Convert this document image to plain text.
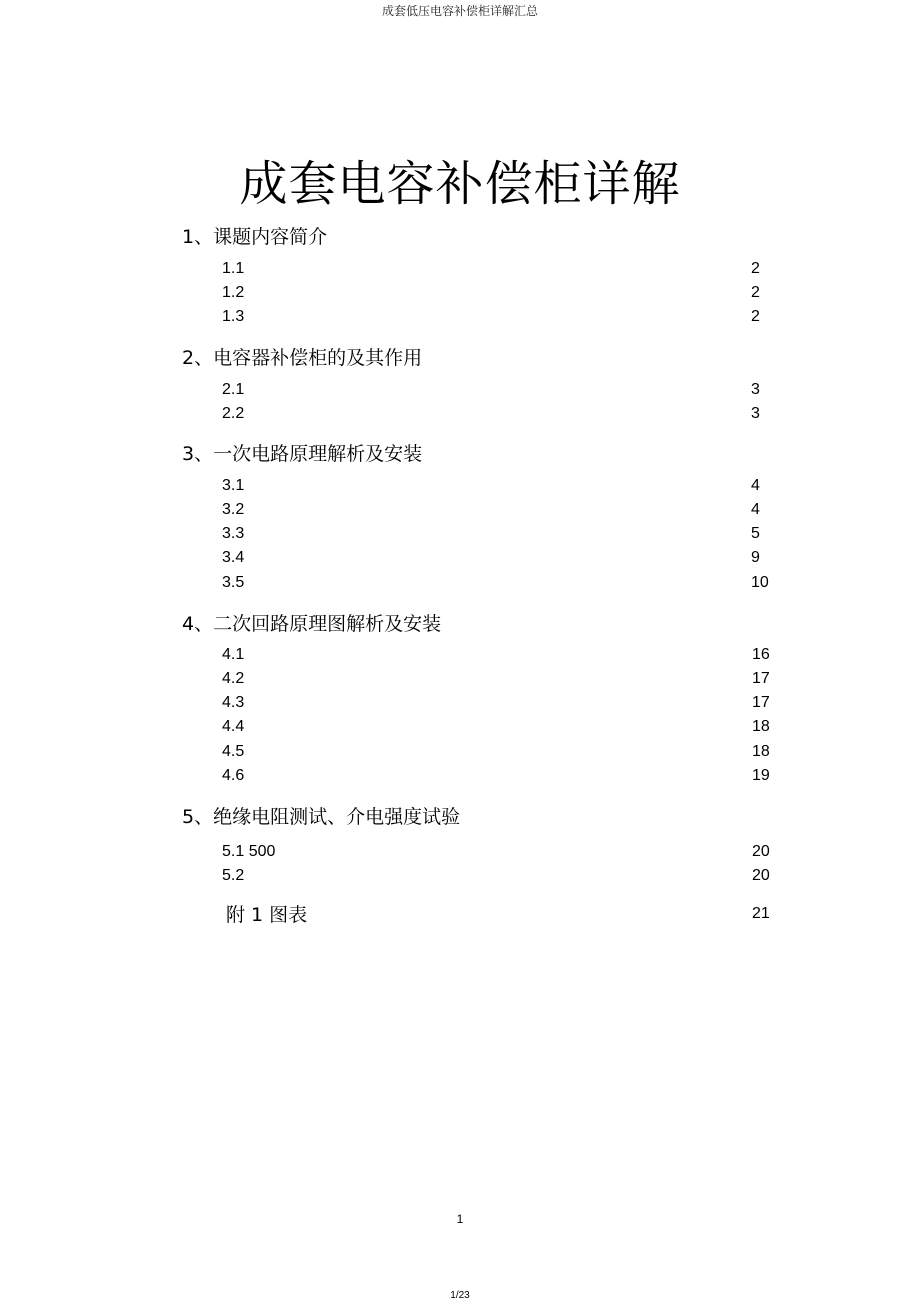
成套低压电容补偿柜详解汇总
成套电容补偿柜详解
1、课题内容简介
1.1	2
1.2	2
1.3	2
2、电容器补偿柜的及其作用
2.1	3
2.2	3
3、一次电路原理解析及安装
3.1	4
3.2	4
3.3	5
3.4	9
3.5	10
4、二次回路原理图解析及安装
4.1	16
4.2	17
4.3	17
4.4	18
4.5	18
4.6	19
5、绝缘电阻测试、介电强度试验
5.1 500	20
5.2	20
附 1 图表	21
1
1/23
